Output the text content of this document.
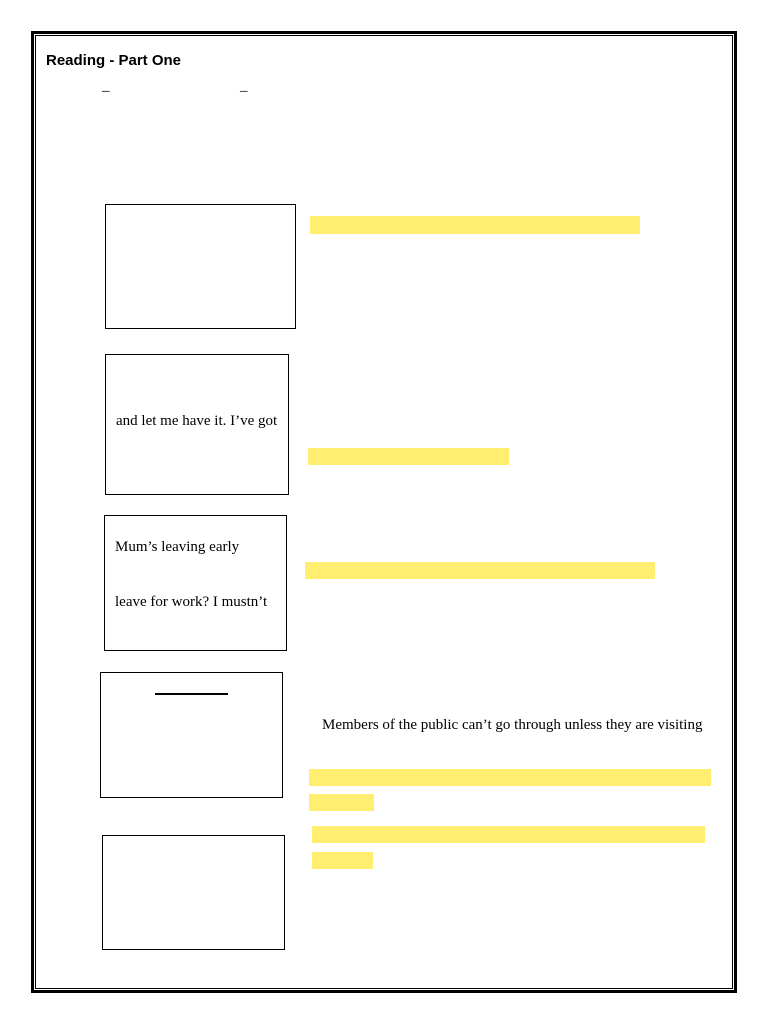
Reading - Part One
_	_
and let me have it. I’ve got
Mum’s leaving early
leave for work? I mustn’t
Members of the public can’t go through unless they are visiting
